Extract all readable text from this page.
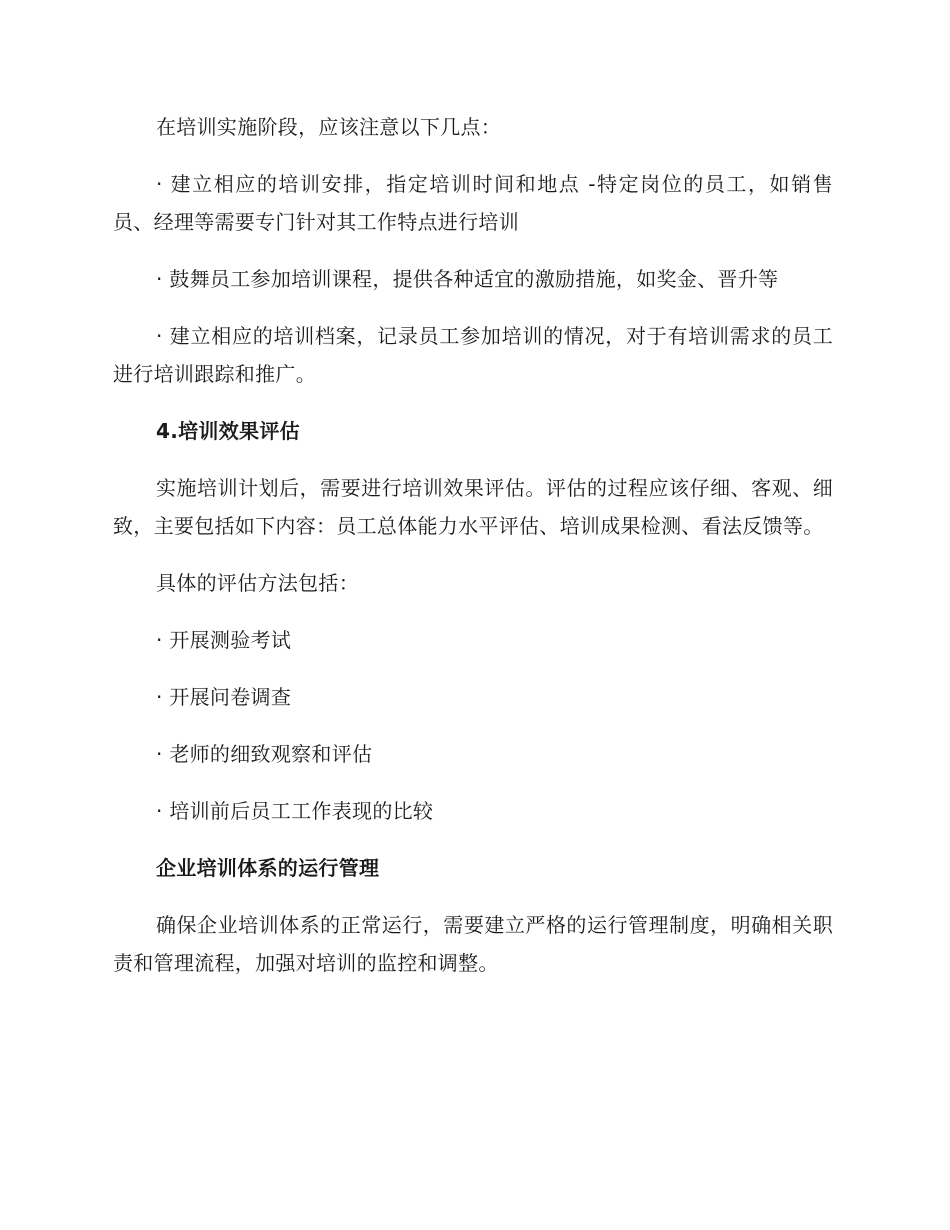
在培训实施阶段，应该注意以下几点：

· 建立相应的培训安排，指定培训时间和地点 -特定岗位的员工，如销售员、经理等需要专门针对其工作特点进行培训

· 鼓舞员工参加培训课程，提供各种适宜的激励措施，如奖金、晋升等

· 建立相应的培训档案，记录员工参加培训的情况，对于有培训需求的员工进行培训跟踪和推广。

4.培训效果评估

实施培训计划后，需要进行培训效果评估。评估的过程应该仔细、客观、细致，主要包括如下内容：员工总体能力水平评估、培训成果检测、看法反馈等。

具体的评估方法包括：

· 开展测验考试

· 开展问卷调查

· 老师的细致观察和评估

· 培训前后员工工作表现的比较

企业培训体系的运行管理

确保企业培训体系的正常运行，需要建立严格的运行管理制度，明确相关职责和管理流程，加强对培训的监控和调整。
